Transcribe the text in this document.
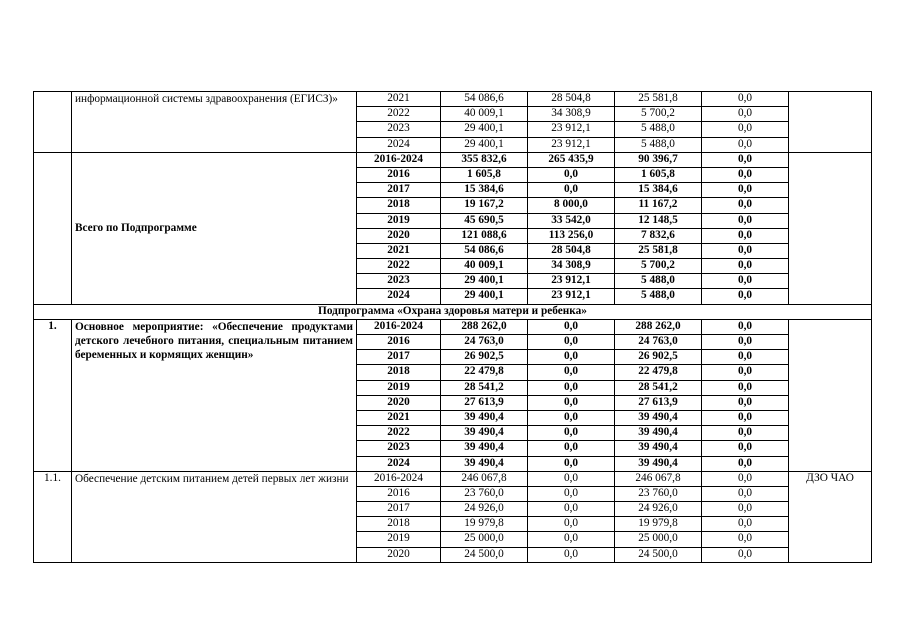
	информационной системы здравоохранения (ЕГИСЗ)»	2021	54 086,6	28 504,8	25 581,8	0,0	
		2022	40 009,1	34 308,9	5 700,2	0,0	
		2023	29 400,1	23 912,1	5 488,0	0,0	
		2024	29 400,1	23 912,1	5 488,0	0,0	
	Всего по Подпрограмме	2016-2024	355 832,6	265 435,9	90 396,7	0,0	
		2016	1 605,8	0,0	1 605,8	0,0	
		2017	15 384,6	0,0	15 384,6	0,0	
		2018	19 167,2	8 000,0	11 167,2	0,0	
		2019	45 690,5	33 542,0	12 148,5	0,0	
		2020	121 088,6	113 256,0	7 832,6	0,0	
		2021	54 086,6	28 504,8	25 581,8	0,0	
		2022	40 009,1	34 308,9	5 700,2	0,0	
		2023	29 400,1	23 912,1	5 488,0	0,0	
		2024	29 400,1	23 912,1	5 488,0	0,0	
Подпрограмма «Охрана здоровья матери и ребенка»							
1.	Основное мероприятие: «Обеспечение продуктами детского лечебного питания, специальным питанием беременных и кормящих женщин»	2016-2024	288 262,0	0,0	288 262,0	0,0	
		2016	24 763,0	0,0	24 763,0	0,0	
		2017	26 902,5	0,0	26 902,5	0,0	
		2018	22 479,8	0,0	22 479,8	0,0	
		2019	28 541,2	0,0	28 541,2	0,0	
		2020	27 613,9	0,0	27 613,9	0,0	
		2021	39 490,4	0,0	39 490,4	0,0	
		2022	39 490,4	0,0	39 490,4	0,0	
		2023	39 490,4	0,0	39 490,4	0,0	
		2024	39 490,4	0,0	39 490,4	0,0	
1.1.	Обеспечение детским питанием детей первых лет жизни	2016-2024	246 067,8	0,0	246 067,8	0,0	ДЗО ЧАО
		2016	23 760,0	0,0	23 760,0	0,0	
		2017	24 926,0	0,0	24 926,0	0,0	
		2018	19 979,8	0,0	19 979,8	0,0	
		2019	25 000,0	0,0	25 000,0	0,0	
		2020	24 500,0	0,0	24 500,0	0,0	
